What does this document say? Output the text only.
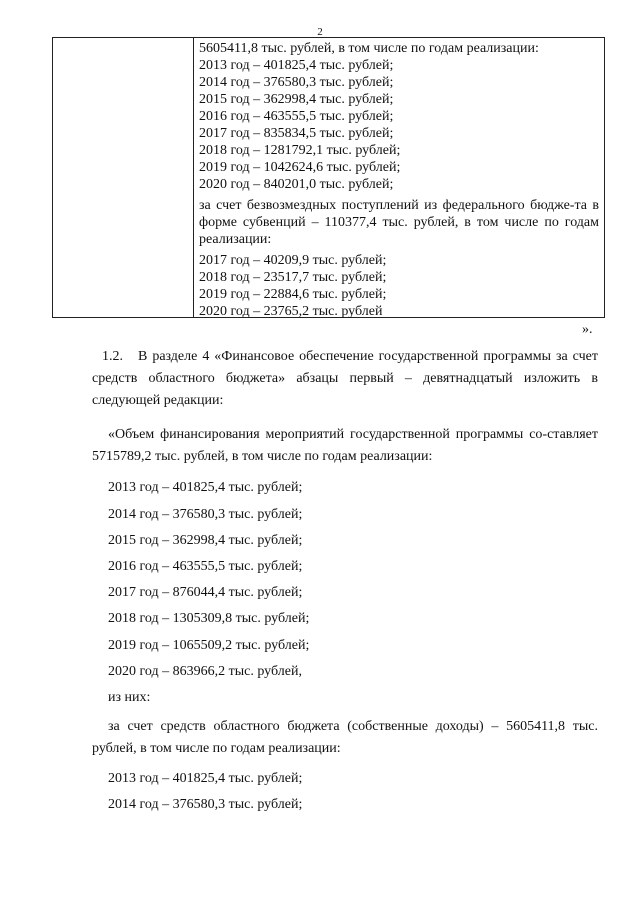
2
5605411,8 тыс. рублей, в том числе по годам реализации:
2013 год – 401825,4 тыс. рублей;
2014 год – 376580,3 тыс. рублей;
2015 год – 362998,4 тыс. рублей;
2016 год – 463555,5 тыс. рублей;
2017 год – 835834,5 тыс. рублей;
2018 год – 1281792,1 тыс. рублей;
2019 год – 1042624,6 тыс. рублей;
2020 год – 840201,0 тыс. рублей;
за счет безвозмездных поступлений из федерального бюдже-та в форме субвенций – 110377,4 тыс. рублей, в том числе по годам реализации:
2017 год – 40209,9 тыс. рублей;
2018 год – 23517,7 тыс. рублей;
2019 год – 22884,6 тыс. рублей;
2020 год – 23765,2 тыс. рублей
».
1.2.	В разделе 4 «Финансовое обеспечение государственной программы за счет средств областного бюджета» абзацы первый – девятнадцатый изложить в следующей редакции:
«Объем финансирования мероприятий государственной программы со-ставляет 5715789,2 тыс. рублей, в том числе по годам реализации:
2013 год – 401825,4 тыс. рублей;
2014 год – 376580,3 тыс. рублей;
2015 год – 362998,4 тыс. рублей;
2016 год – 463555,5 тыс. рублей;
2017 год – 876044,4 тыс. рублей;
2018 год – 1305309,8 тыс. рублей;
2019 год – 1065509,2 тыс. рублей;
2020 год – 863966,2 тыс. рублей,
из них:
за счет средств областного бюджета (собственные доходы) – 5605411,8 тыс. рублей, в том числе по годам реализации:
2013 год – 401825,4 тыс. рублей;
2014 год – 376580,3 тыс. рублей;
